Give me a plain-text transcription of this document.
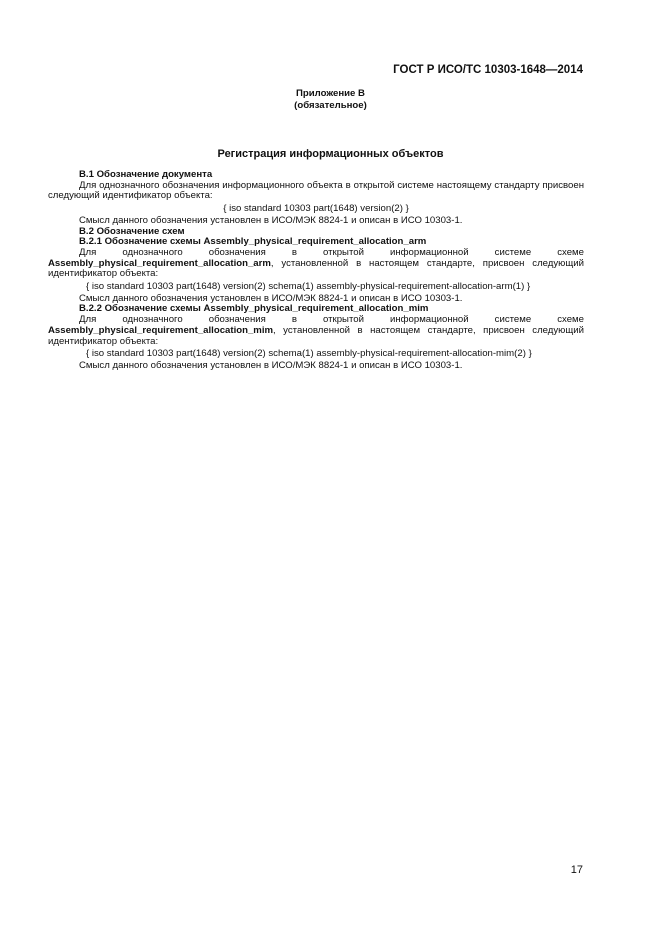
ГОСТ Р ИСО/ТС 10303-1648—2014
Приложение В
(обязательное)
Регистрация информационных объектов

В.1 Обозначение документа

Для однозначного обозначения информационного объекта в открытой системе настоящему стандарту присвоен следующий идентификатор объекта:

{ iso standard 10303 part(1648) version(2) }

Смысл данного обозначения установлен в ИСО/МЭК 8824-1 и описан в ИСО 10303-1.

В.2 Обозначение схем

В.2.1 Обозначение схемы Assembly_physical_requirement_allocation_arm

Для однозначного обозначения в открытой информационной системе схеме Assembly_physical_requirement_allocation_arm, установленной в настоящем стандарте, присвоен следующий идентификатор объекта:

{ iso standard 10303 part(1648) version(2) schema(1) assembly-physical-requirement-allocation-arm(1) }

Смысл данного обозначения установлен в ИСО/МЭК 8824-1 и описан в ИСО 10303-1.

В.2.2 Обозначение схемы Assembly_physical_requirement_allocation_mim

Для однозначного обозначения в открытой информационной системе схеме Assembly_physical_requirement_allocation_mim, установленной в настоящем стандарте, присвоен следующий идентификатор объекта:

{ iso standard 10303 part(1648) version(2) schema(1) assembly-physical-requirement-allocation-mim(2) }

Смысл данного обозначения установлен в ИСО/МЭК 8824-1 и описан в ИСО 10303-1.

17
